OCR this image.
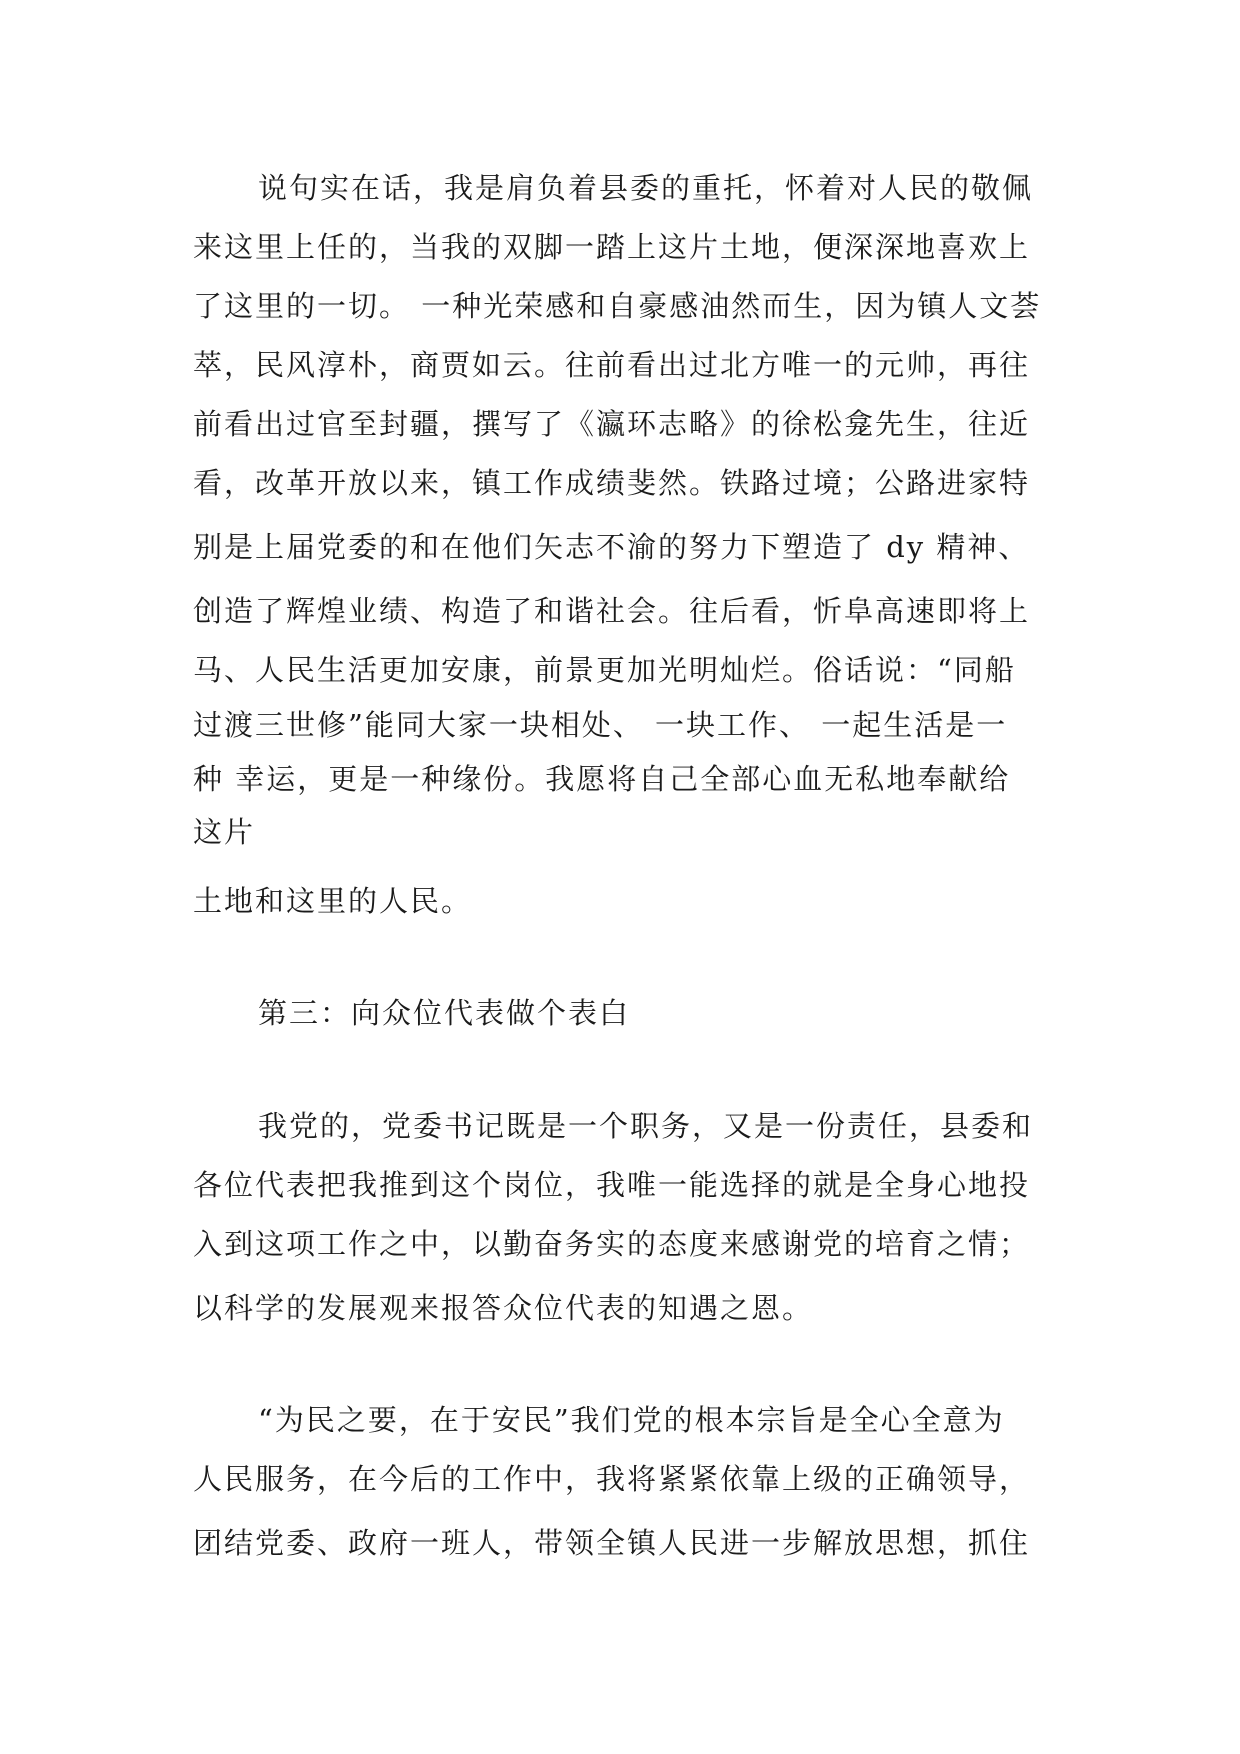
说句实在话，我是肩负着县委的重托，怀着对人民的敬佩
来这里上任的，当我的双脚一踏上这片土地，便深深地喜欢上
了这里的一切。 一种光荣感和自豪感油然而生，因为镇人文荟
萃，民风淳朴，商贾如云。往前看出过北方唯一的元帅，再往
前看出过官至封疆，撰写了《瀛环志略》的徐松龛先生，往近
看，改革开放以来，镇工作成绩斐然。铁路过境；公路进家特
别是上届党委的和在他们矢志不渝的努力下塑造了 dy 精神、
创造了辉煌业绩、构造了和谐社会。往后看，忻阜高速即将上
马、人民生活更加安康，前景更加光明灿烂。俗话说：“同船
过渡三世修”能同大家一块相处、 一块工作、 一起生活是一
种 幸运，更是一种缘份。我愿将自己全部心血无私地奉献给
这片
土地和这里的人民。
第三：向众位代表做个表白
我党的，党委书记既是一个职务，又是一份责任，县委和
各位代表把我推到这个岗位，我唯一能选择的就是全身心地投
入到这项工作之中，以勤奋务实的态度来感谢党的培育之情；
以科学的发展观来报答众位代表的知遇之恩。
“为民之要，在于安民”我们党的根本宗旨是全心全意为
人民服务，在今后的工作中，我将紧紧依靠上级的正确领导，
团结党委、政府一班人，带领全镇人民进一步解放思想，抓住
